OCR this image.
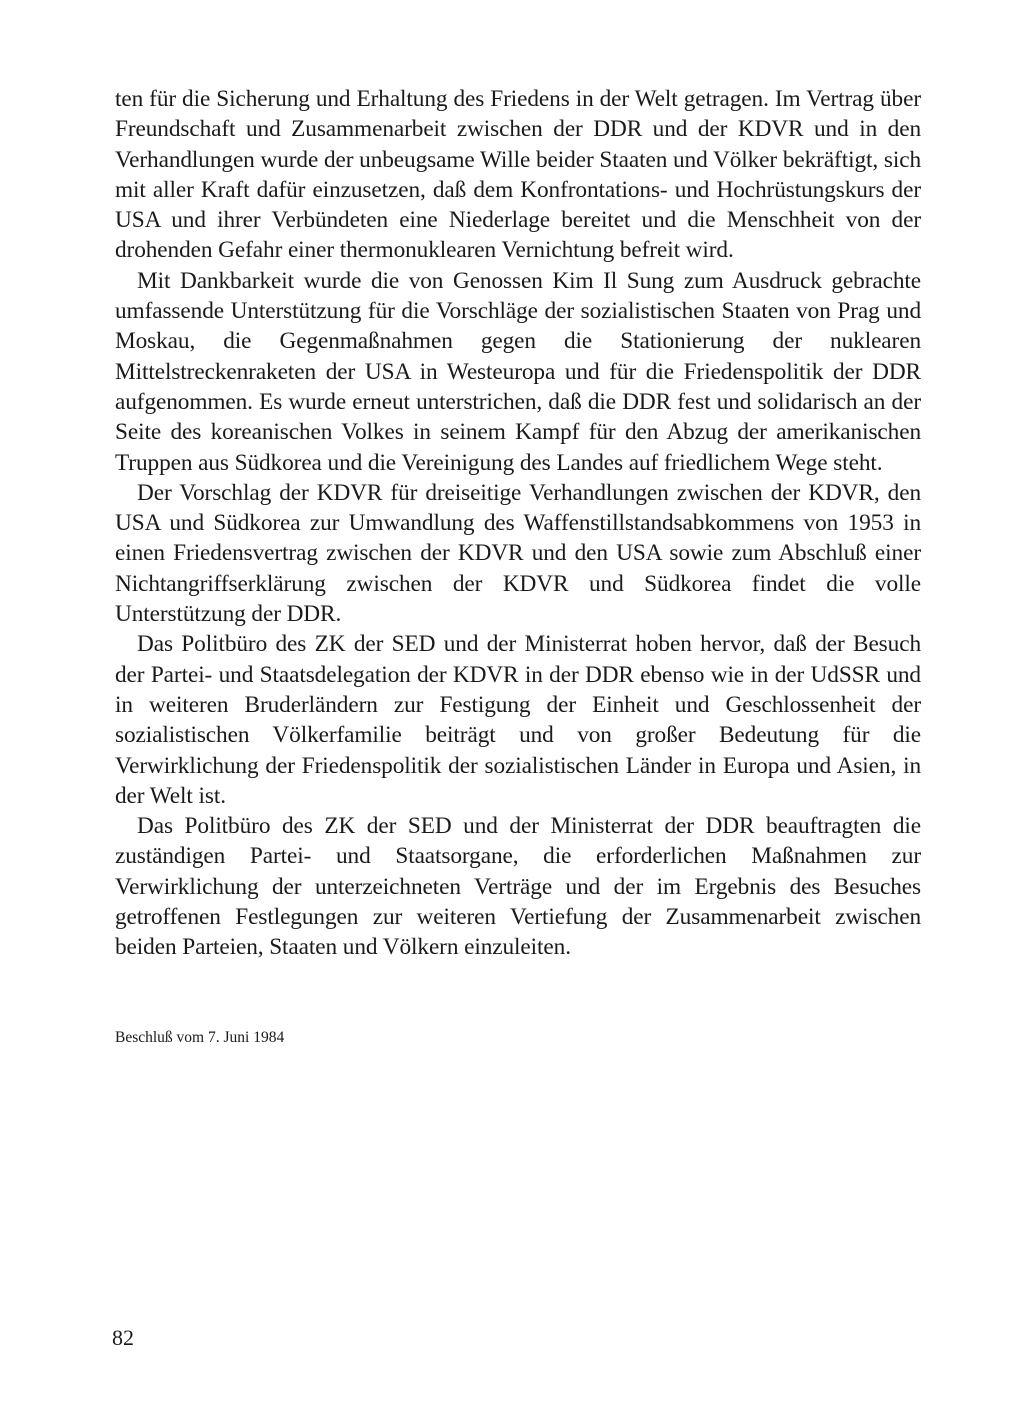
ten für die Sicherung und Erhaltung des Friedens in der Welt getragen. Im Vertrag über Freundschaft und Zusammenarbeit zwischen der DDR und der KDVR und in den Verhandlungen wurde der unbeugsame Wille beider Staaten und Völker bekräftigt, sich mit aller Kraft dafür einzusetzen, daß dem Konfrontations- und Hochrüstungskurs der USA und ihrer Verbündeten eine Niederlage bereitet und die Menschheit von der drohenden Gefahr einer thermonuklearen Vernichtung befreit wird.

Mit Dankbarkeit wurde die von Genossen Kim Il Sung zum Ausdruck gebrachte umfassende Unterstützung für die Vorschläge der sozialistischen Staaten von Prag und Moskau, die Gegenmaßnahmen gegen die Stationierung der nuklearen Mittelstreckenraketen der USA in Westeuropa und für die Friedenspolitik der DDR aufgenommen. Es wurde erneut unterstrichen, daß die DDR fest und solidarisch an der Seite des koreanischen Volkes in seinem Kampf für den Abzug der amerikanischen Truppen aus Südkorea und die Vereinigung des Landes auf friedlichem Wege steht.

Der Vorschlag der KDVR für dreiseitige Verhandlungen zwischen der KDVR, den USA und Südkorea zur Umwandlung des Waffenstillstandsabkommens von 1953 in einen Friedensvertrag zwischen der KDVR und den USA sowie zum Abschluß einer Nichtangriffserklärung zwischen der KDVR und Südkorea findet die volle Unterstützung der DDR.

Das Politbüro des ZK der SED und der Ministerrat hoben hervor, daß der Besuch der Partei- und Staatsdelegation der KDVR in der DDR ebenso wie in der UdSSR und in weiteren Bruderländern zur Festigung der Einheit und Geschlossenheit der sozialistischen Völkerfamilie beiträgt und von großer Bedeutung für die Verwirklichung der Friedenspolitik der sozialistischen Länder in Europa und Asien, in der Welt ist.

Das Politbüro des ZK der SED und der Ministerrat der DDR beauftragten die zuständigen Partei- und Staatsorgane, die erforderlichen Maßnahmen zur Verwirklichung der unterzeichneten Verträge und der im Ergebnis des Besuches getroffenen Festlegungen zur weiteren Vertiefung der Zusammenarbeit zwischen beiden Parteien, Staaten und Völkern einzuleiten.

Beschluß vom 7. Juni 1984

82
